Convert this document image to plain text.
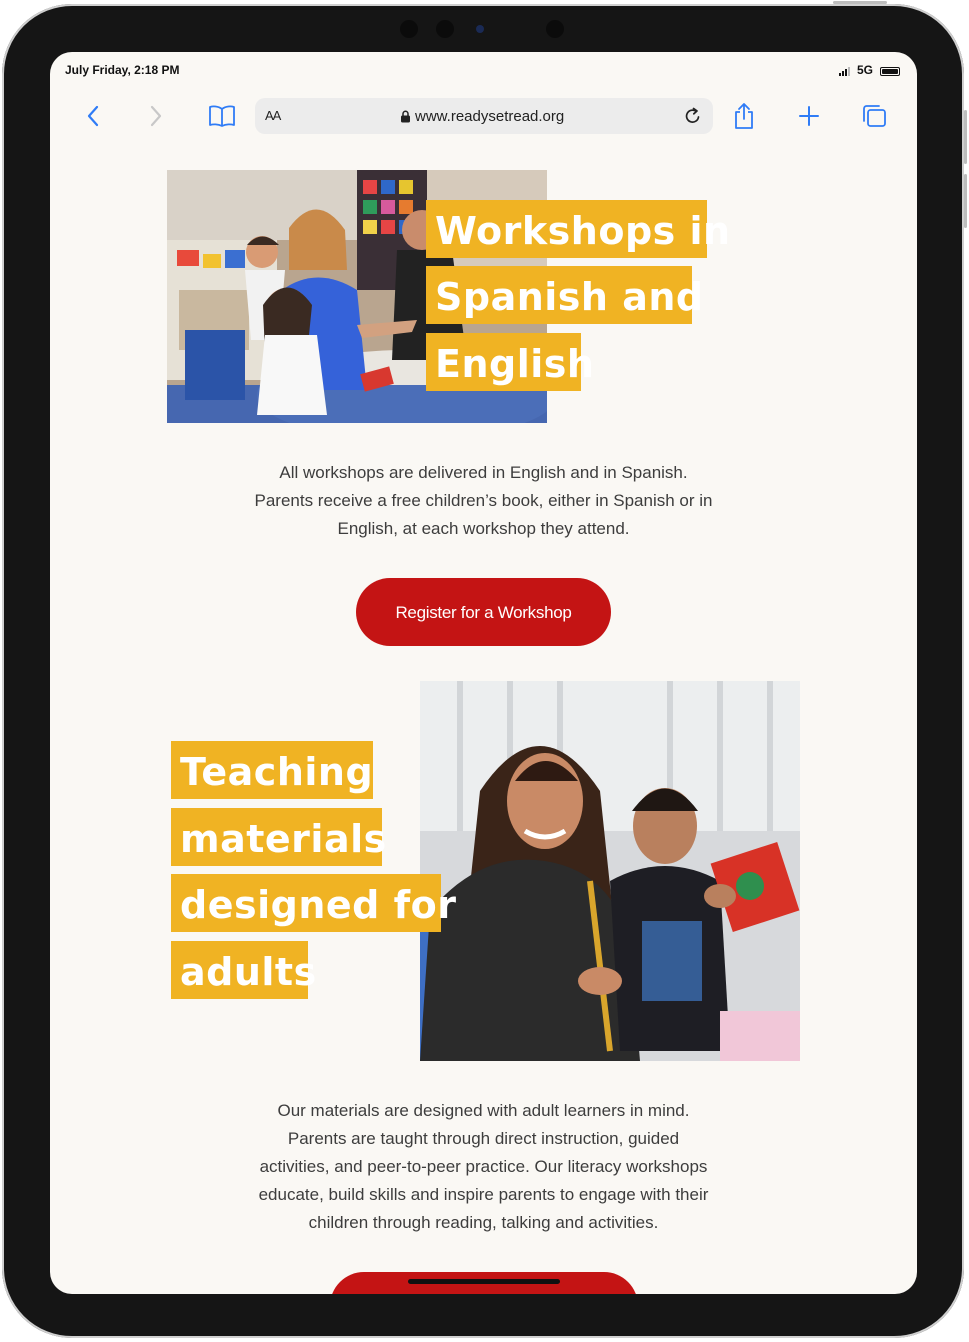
July Friday, 2:18 PM	5G
AA	www.readysetread.org
Workshops in
Spanish and
English

All workshops are delivered in English and in Spanish.

Parents receive a free children’s book, either in Spanish or in

English, at each workshop they attend.

Register for a Workshop
Teaching
materials
designed for
adults

Our materials are designed with adult learners in mind.

Parents are taught through direct instruction, guided

activities, and peer-to-peer practice. Our literacy workshops

educate, build skills and inspire parents to engage with their

children through reading, talking and activities.
